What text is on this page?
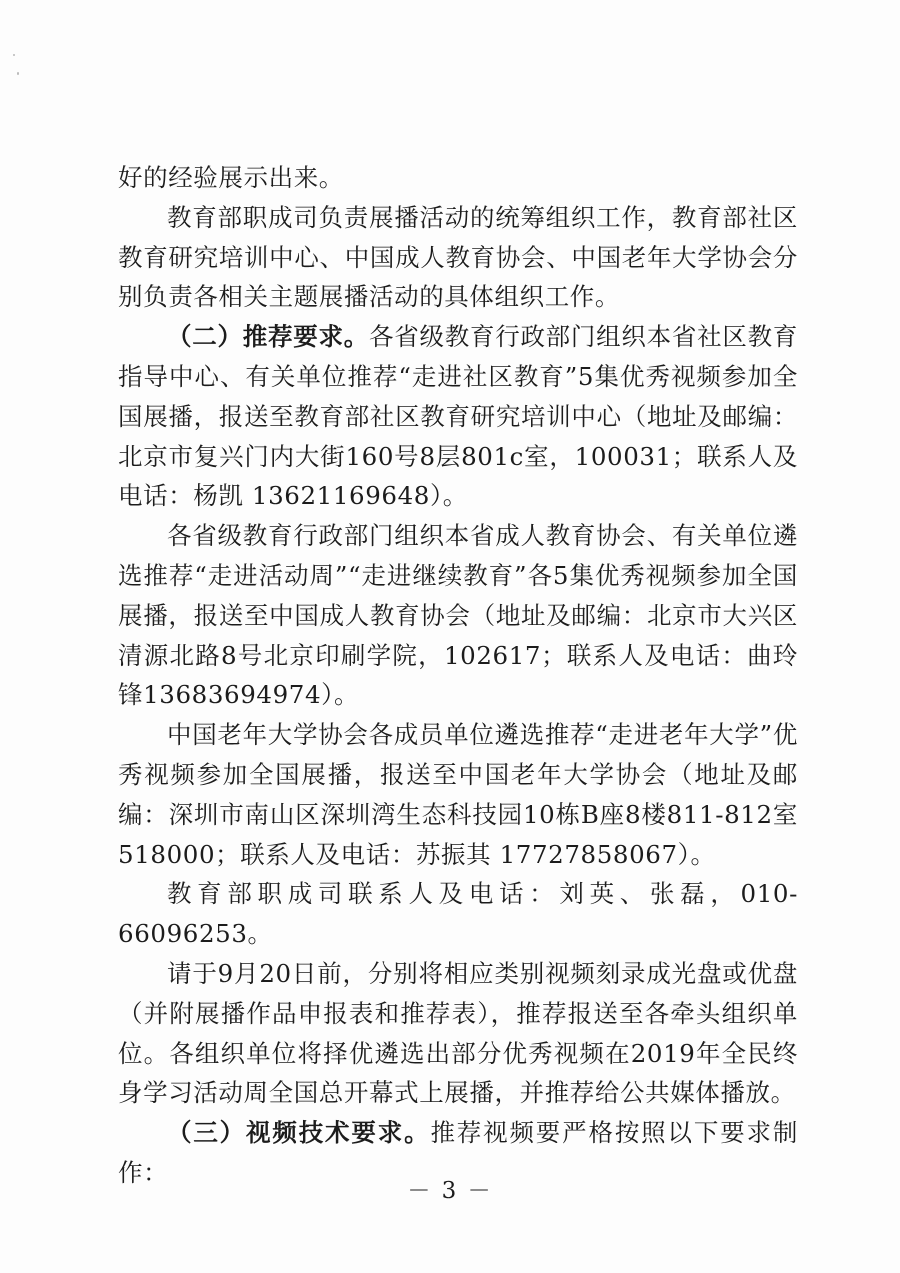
好的经验展示出来。

教育部职成司负责展播活动的统筹组织工作，教育部社区教育研究培训中心、中国成人教育协会、中国老年大学协会分别负责各相关主题展播活动的具体组织工作。

（二）推荐要求。各省级教育行政部门组织本省社区教育指导中心、有关单位推荐“走进社区教育”5集优秀视频参加全国展播，报送至教育部社区教育研究培训中心（地址及邮编：北京市复兴门内大街160号8层801c室，100031；联系人及电话：杨凯 13621169648）。

各省级教育行政部门组织本省成人教育协会、有关单位遴选推荐“走进活动周”“走进继续教育”各5集优秀视频参加全国展播，报送至中国成人教育协会（地址及邮编：北京市大兴区清源北路8号北京印刷学院，102617；联系人及电话：曲玲锋13683694974）。

中国老年大学协会各成员单位遴选推荐“走进老年大学”优秀视频参加全国展播，报送至中国老年大学协会（地址及邮编：深圳市南山区深圳湾生态科技园10栋B座8楼811-812室518000；联系人及电话：苏振其 17727858067）。

教育部职成司联系人及电话：刘英、张磊，010-66096253。

请于9月20日前，分别将相应类别视频刻录成光盘或优盘（并附展播作品申报表和推荐表），推荐报送至各牵头组织单位。各组织单位将择优遴选出部分优秀视频在2019年全民终身学习活动周全国总开幕式上展播，并推荐给公共媒体播放。

（三）视频技术要求。推荐视频要严格按照以下要求制作：

－ 3 －
